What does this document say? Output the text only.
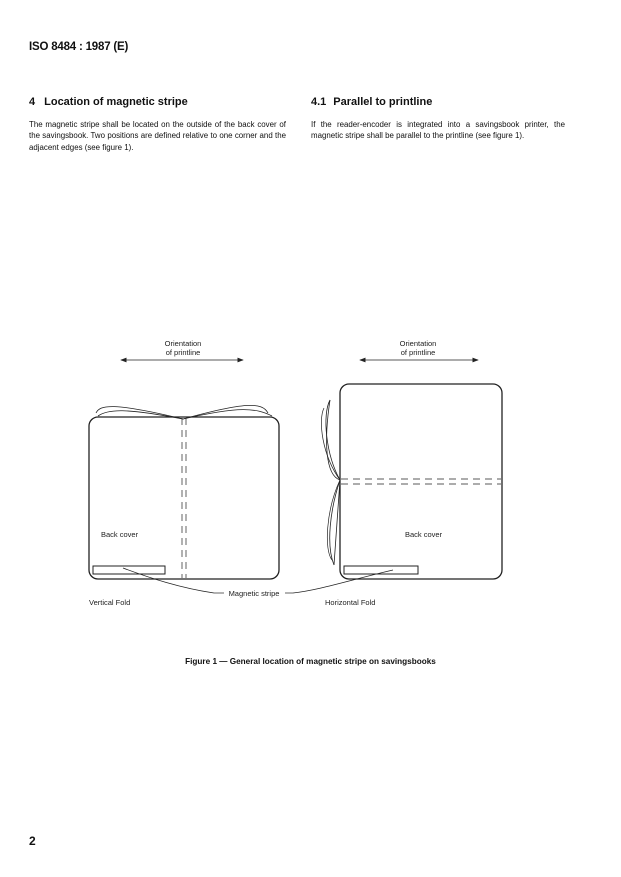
ISO 8484 : 1987 (E)
4 Location of magnetic stripe
The magnetic stripe shall be located on the outside of the back cover of the savingsbook. Two positions are defined relative to one corner and the adjacent edges (see figure 1).
4.1 Parallel to printline
If the reader-encoder is integrated into a savingsbook printer, the magnetic stripe shall be parallel to the printline (see figure 1).
Orientation
of printline
Back cover
Orientation
of printline
Back cover
Magnetic stripe
Vertical Fold	Horizontal Fold
Figure 1 — General location of magnetic stripe on savingsbooks
2
